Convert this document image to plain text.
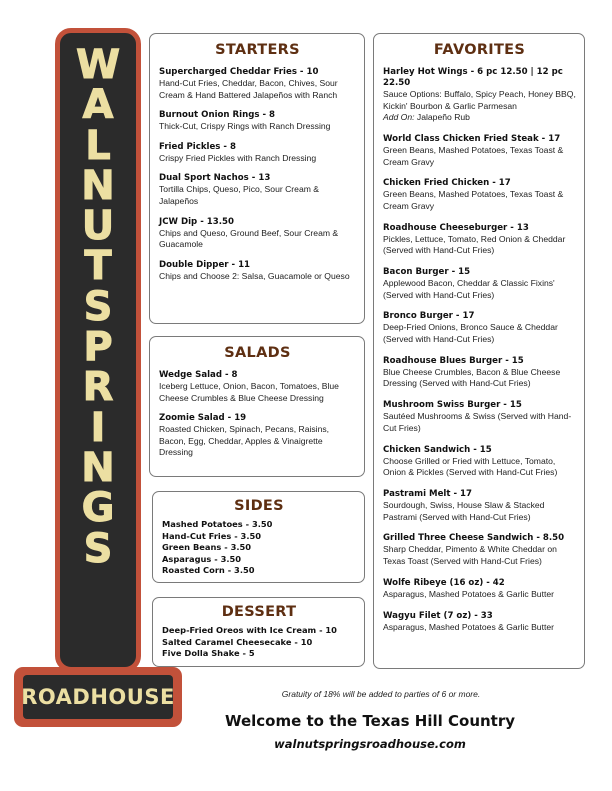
W
A
L
N
U
T
S
P
R
I
N
G
S
ROADHOUSE
STARTERS
Supercharged Cheddar Fries - 10
Hand-Cut Fries, Cheddar, Bacon, Chives, Sour Cream & Hand Battered Jalapeños with Ranch
Burnout Onion Rings - 8
Thick-Cut, Crispy Rings with Ranch Dressing
Fried Pickles - 8
Crispy Fried Pickles with Ranch Dressing
Dual Sport Nachos - 13
Tortilla Chips, Queso, Pico, Sour Cream & Jalapeños
JCW Dip - 13.50
Chips and Queso, Ground Beef, Sour Cream & Guacamole
Double Dipper - 11
Chips and Choose 2: Salsa, Guacamole or Queso
SALADS
Wedge Salad - 8
Iceberg Lettuce, Onion, Bacon, Tomatoes, Blue Cheese Crumbles & Blue Cheese Dressing
Zoomie Salad - 19
Roasted Chicken, Spinach, Pecans, Raisins, Bacon, Egg, Cheddar, Apples & Vinaigrette Dressing
SIDES
Mashed Potatoes - 3.50
Hand-Cut Fries - 3.50
Green Beans - 3.50
Asparagus - 3.50
Roasted Corn - 3.50
DESSERT
Deep-Fried Oreos with Ice Cream - 10
Salted Caramel Cheesecake - 10
Five Dolla Shake - 5
FAVORITES
Harley Hot Wings - 6 pc 12.50 | 12 pc 22.50
Sauce Options: Buffalo, Spicy Peach, Honey BBQ, Kickin' Bourbon & Garlic Parmesan
Add On: Jalapeño Rub
World Class Chicken Fried Steak - 17
Green Beans, Mashed Potatoes, Texas Toast & Cream Gravy
Chicken Fried Chicken - 17
Green Beans, Mashed Potatoes, Texas Toast & Cream Gravy
Roadhouse Cheeseburger - 13
Pickles, Lettuce, Tomato, Red Onion & Cheddar (Served with Hand-Cut Fries)
Bacon Burger - 15
Applewood Bacon, Cheddar & Classic Fixins' (Served with Hand-Cut Fries)
Bronco Burger - 17
Deep-Fried Onions, Bronco Sauce & Cheddar (Served with Hand-Cut Fries)
Roadhouse Blues Burger - 15
Blue Cheese Crumbles, Bacon & Blue Cheese Dressing (Served with Hand-Cut Fries)
Mushroom Swiss Burger - 15
Sautéed Mushrooms & Swiss (Served with Hand-Cut Fries)
Chicken Sandwich - 15
Choose Grilled or Fried with Lettuce, Tomato, Onion & Pickles (Served with Hand-Cut Fries)
Pastrami Melt - 17
Sourdough, Swiss, House Slaw & Stacked Pastrami (Served with Hand-Cut Fries)
Grilled Three Cheese Sandwich - 8.50
Sharp Cheddar, Pimento & White Cheddar on Texas Toast (Served with Hand-Cut Fries)
Wolfe Ribeye (16 oz) - 42
Asparagus, Mashed Potatoes & Garlic Butter
Wagyu Filet (7 oz) - 33
Asparagus, Mashed Potatoes & Garlic Butter
Gratuity of 18% will be added to parties of 6 or more.
Welcome to the Texas Hill Country
walnutspringsroadhouse.com
